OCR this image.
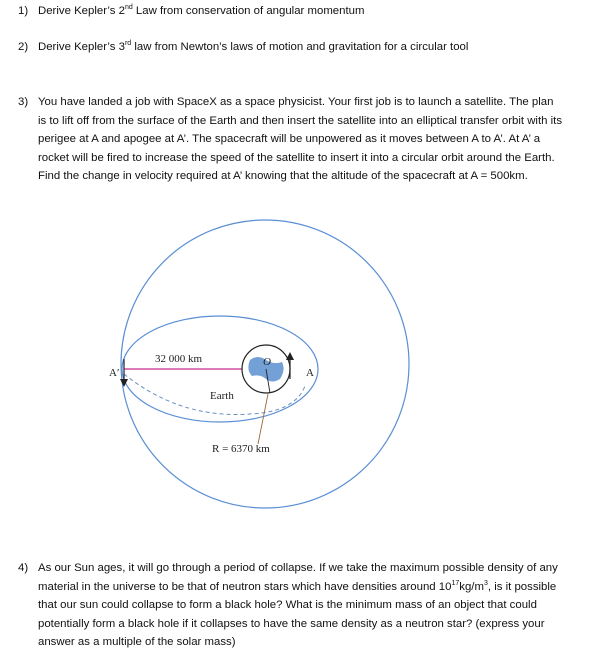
1) Derive Kepler’s 2nd Law from conservation of angular momentum
2) Derive Kepler’s 3rd law from Newton’s laws of motion and gravitation for a circular tool
3) You have landed a job with SpaceX as a space physicist. Your first job is to launch a satellite. The plan is to lift off from the surface of the Earth and then insert the satellite into an elliptical transfer orbit with its perigee at A and apogee at A’. The spacecraft will be unpowered as it moves between A to A’. At A’ a rocket will be fired to increase the speed of the satellite to insert it into a circular orbit around the Earth. Find the change in velocity required at A’ knowing that the altitude of the spacecraft at A = 500km.
32 000 km
Earth
R = 6370 km
O
A′	A
4) As our Sun ages, it will go through a period of collapse. If we take the maximum possible density of any material in the universe to be that of neutron stars which have densities around $10^{17}kg/m^3$, is it possible that our sun could collapse to form a black hole? What is the minimum mass of an object that could potentially form a black hole if it collapses to have the same density as a neutron star? (express your answer as a multiple of the solar mass)
